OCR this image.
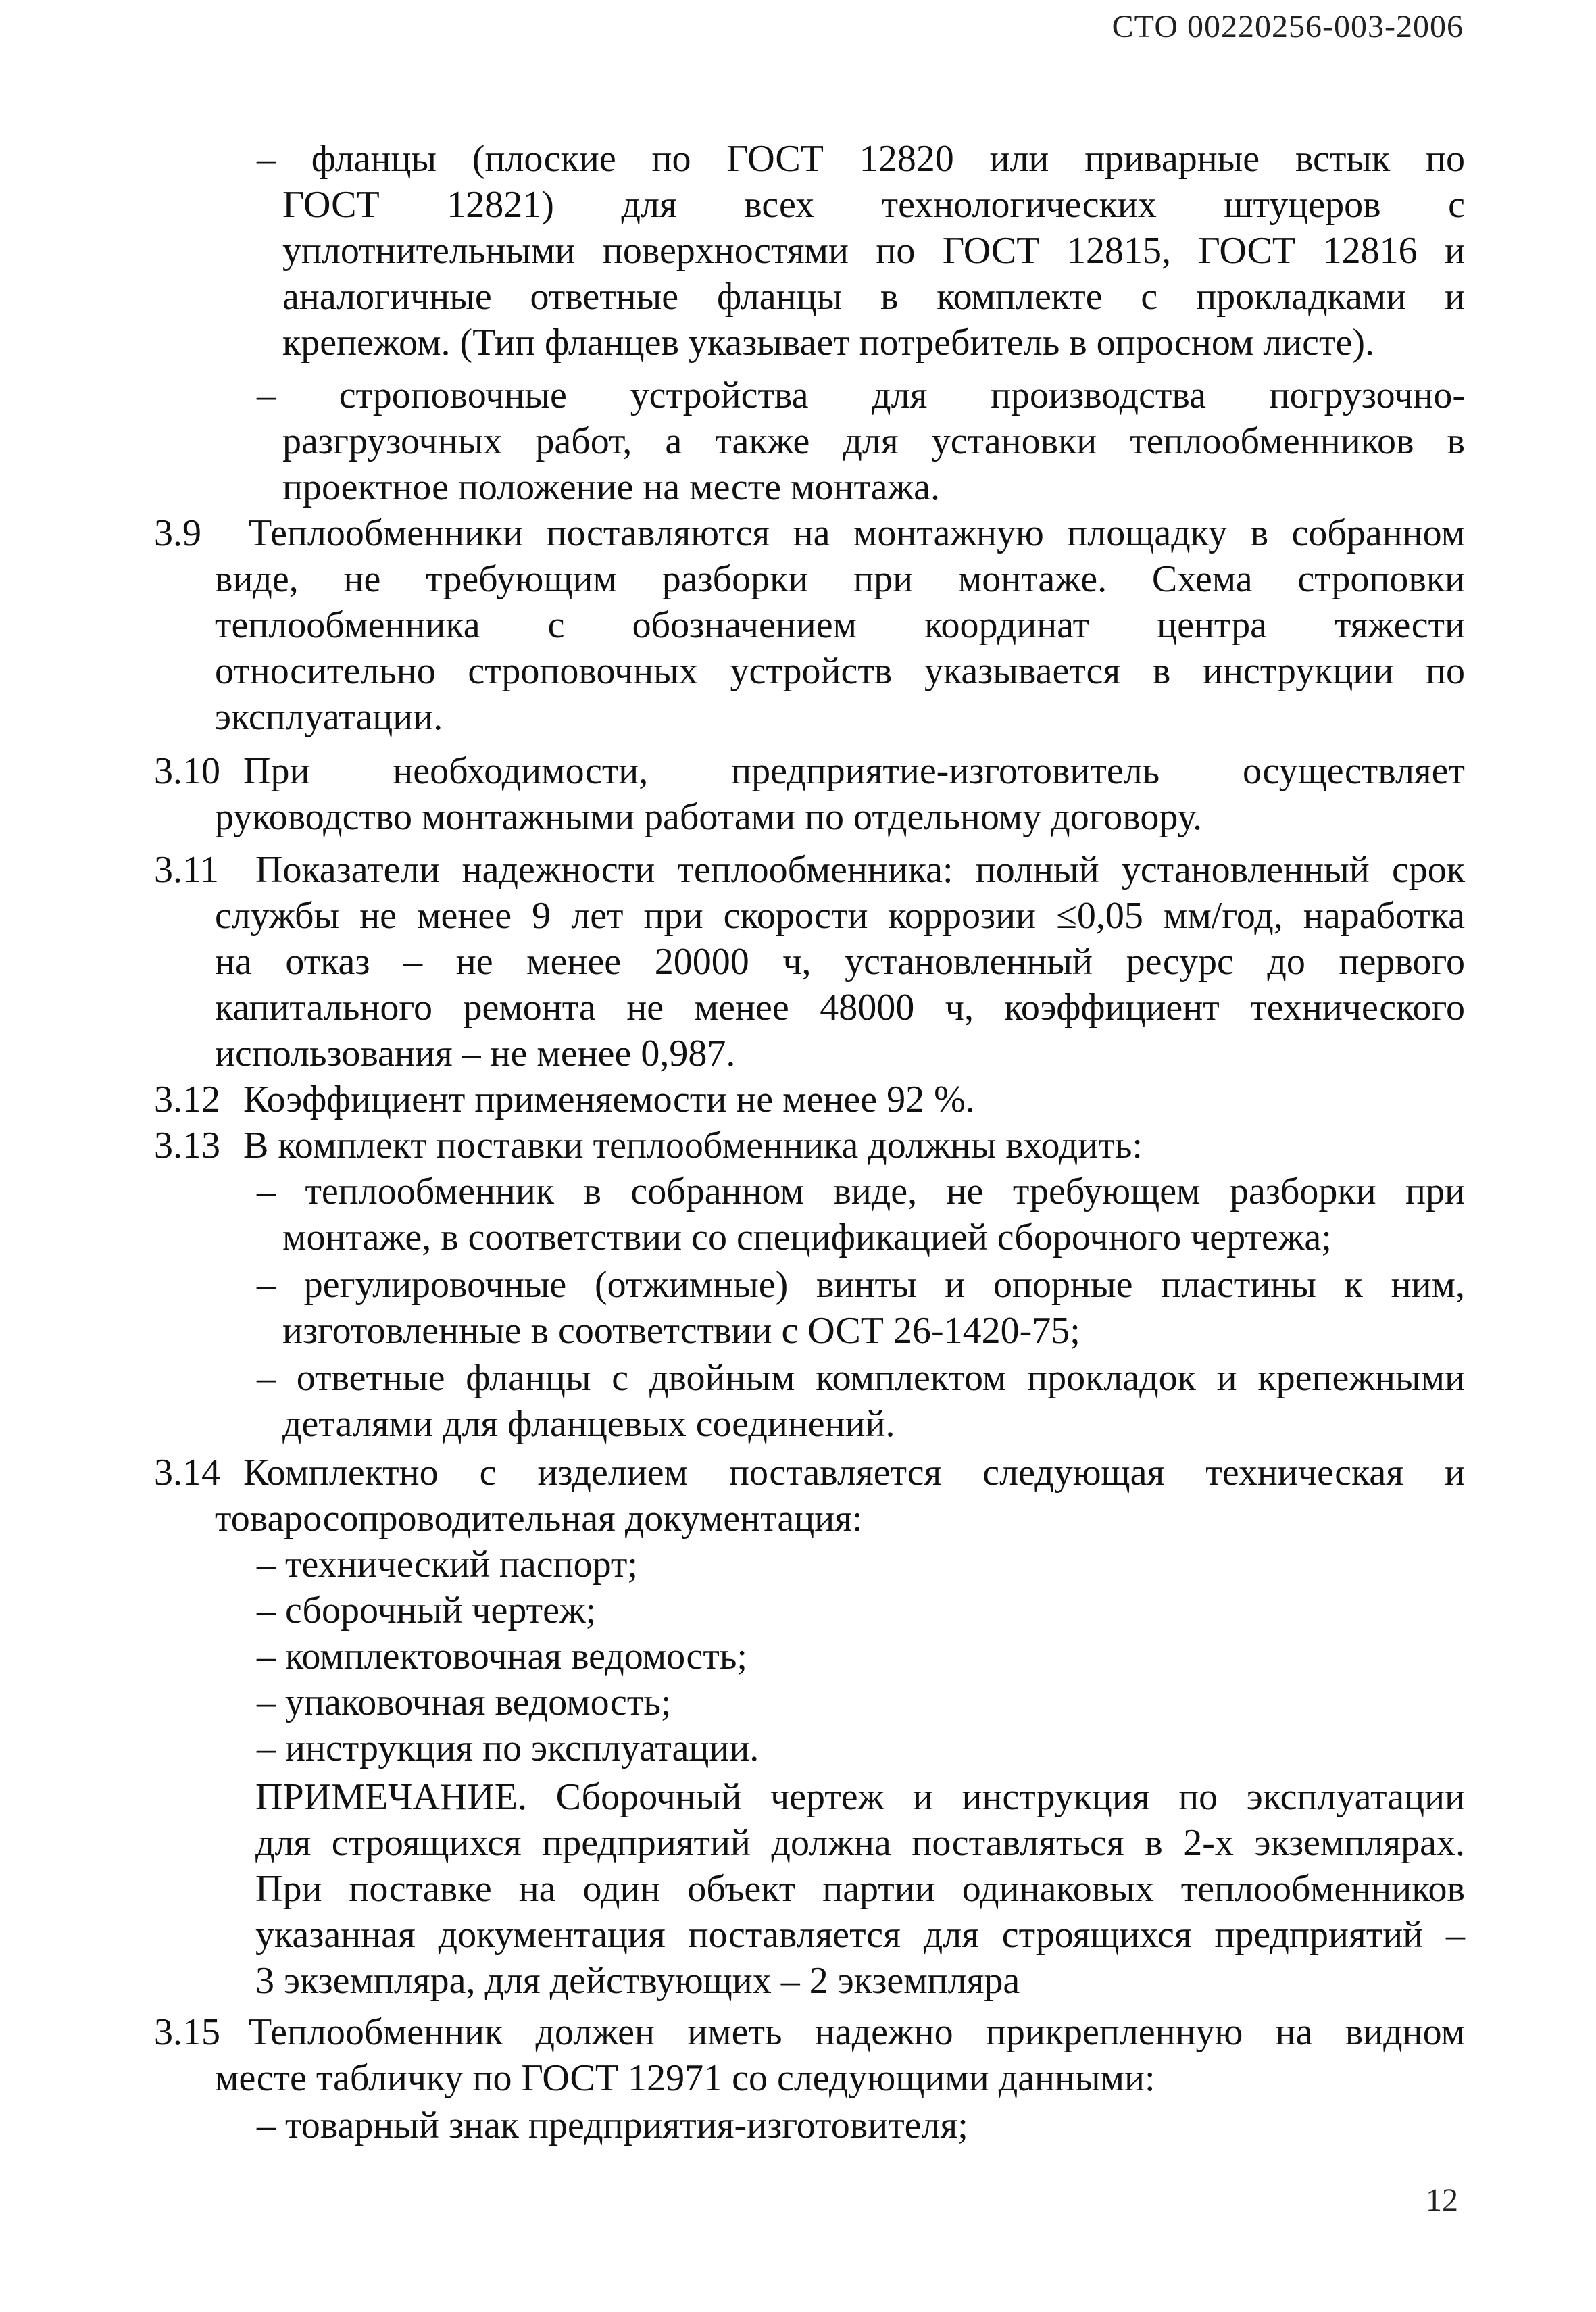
СТО 00220256-003-2006
– фланцы (плоские по ГОСТ 12820 или приварные встык по
ГОСТ 12821) для всех технологических штуцеров с
уплотнительными поверхностями по ГОСТ 12815, ГОСТ 12816 и
аналогичные ответные фланцы в комплекте с прокладками и
крепежом. (Тип фланцев указывает потребитель в опросном листе).
– строповочные устройства для производства погрузочно-
разгрузочных работ, а также для установки теплообменников в
проектное положение на месте монтажа.
3.9 Теплообменники поставляются на монтажную площадку в собранном
виде, не требующим разборки при монтаже. Схема строповки
теплообменника с обозначением координат центра тяжести
относительно строповочных устройств указывается в инструкции по
эксплуатации.
3.10 При необходимости, предприятие-изготовитель осуществляет
руководство монтажными работами по отдельному договору.
3.11 Показатели надежности теплообменника: полный установленный срок
службы не менее 9 лет при скорости коррозии ≤0,05 мм/год, наработка
на отказ – не менее 20000 ч, установленный ресурс до первого
капитального ремонта не менее 48000 ч, коэффициент технического
использования – не менее 0,987.
3.12 Коэффициент применяемости не менее 92 %.
3.13 В комплект поставки теплообменника должны входить:
– теплообменник в собранном виде, не требующем разборки при
монтаже, в соответствии со спецификацией сборочного чертежа;
– регулировочные (отжимные) винты и опорные пластины к ним,
изготовленные в соответствии с ОСТ 26-1420-75;
– ответные фланцы с двойным комплектом прокладок и крепежными
деталями для фланцевых соединений.
3.14 Комплектно с изделием поставляется следующая техническая и
товаросопроводительная документация:
– технический паспорт;
– сборочный чертеж;
– комплектовочная ведомость;
– упаковочная ведомость;
– инструкция по эксплуатации.
ПРИМЕЧАНИЕ. Сборочный чертеж и инструкция по эксплуатации
для строящихся предприятий должна поставляться в 2-х экземплярах.
При поставке на один объект партии одинаковых теплообменников
указанная документация поставляется для строящихся предприятий –
3 экземпляра, для действующих – 2 экземпляра
3.15 Теплообменник должен иметь надежно прикрепленную на видном
месте табличку по ГОСТ 12971 со следующими данными:
– товарный знак предприятия-изготовителя;
12
